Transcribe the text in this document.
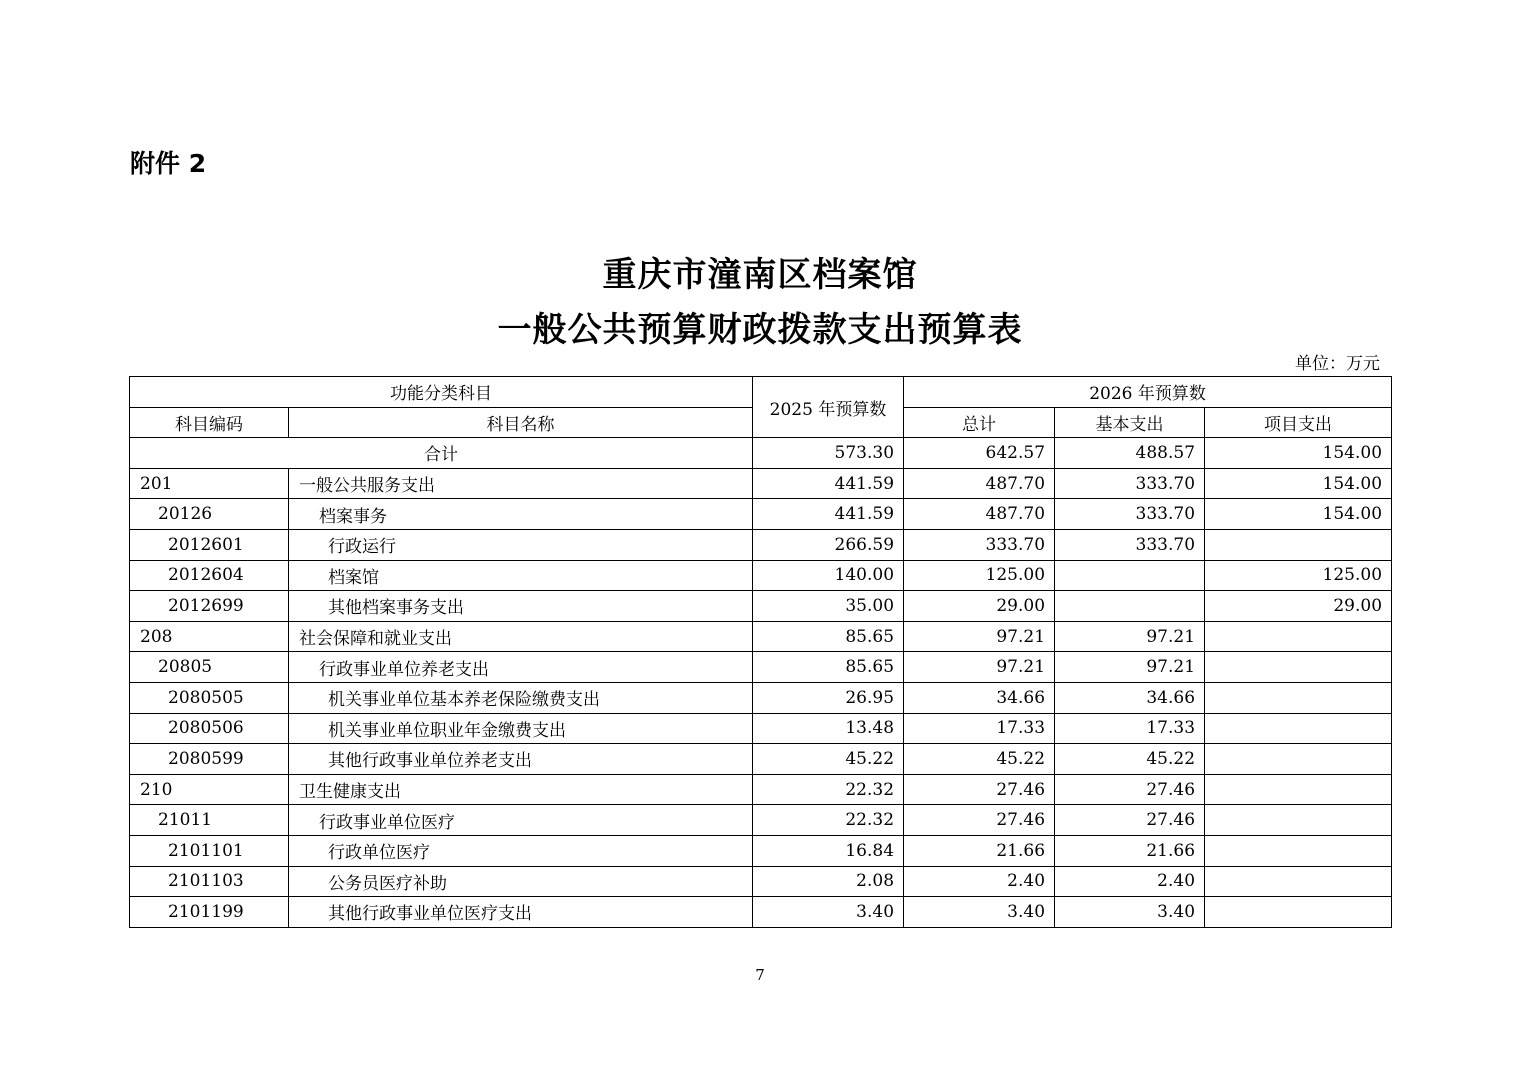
附件 2
重庆市潼南区档案馆
一般公共预算财政拨款支出预算表
单位：万元
功能分类科目		2025 年预算数	2026 年预算数		
科目编码	科目名称		总计	基本支出	项目支出
合计		573.30	642.57	488.57	154.00
201	一般公共服务支出	441.59	487.70	333.70	154.00
20126	档案事务	441.59	487.70	333.70	154.00
2012601	行政运行	266.59	333.70	333.70	
2012604	档案馆	140.00	125.00		125.00
2012699	其他档案事务支出	35.00	29.00		29.00
208	社会保障和就业支出	85.65	97.21	97.21	
20805	行政事业单位养老支出	85.65	97.21	97.21	
2080505	机关事业单位基本养老保险缴费支出	26.95	34.66	34.66	
2080506	机关事业单位职业年金缴费支出	13.48	17.33	17.33	
2080599	其他行政事业单位养老支出	45.22	45.22	45.22	
210	卫生健康支出	22.32	27.46	27.46	
21011	行政事业单位医疗	22.32	27.46	27.46	
2101101	行政单位医疗	16.84	21.66	21.66	
2101103	公务员医疗补助	2.08	2.40	2.40	
2101199	其他行政事业单位医疗支出	3.40	3.40	3.40	
7
